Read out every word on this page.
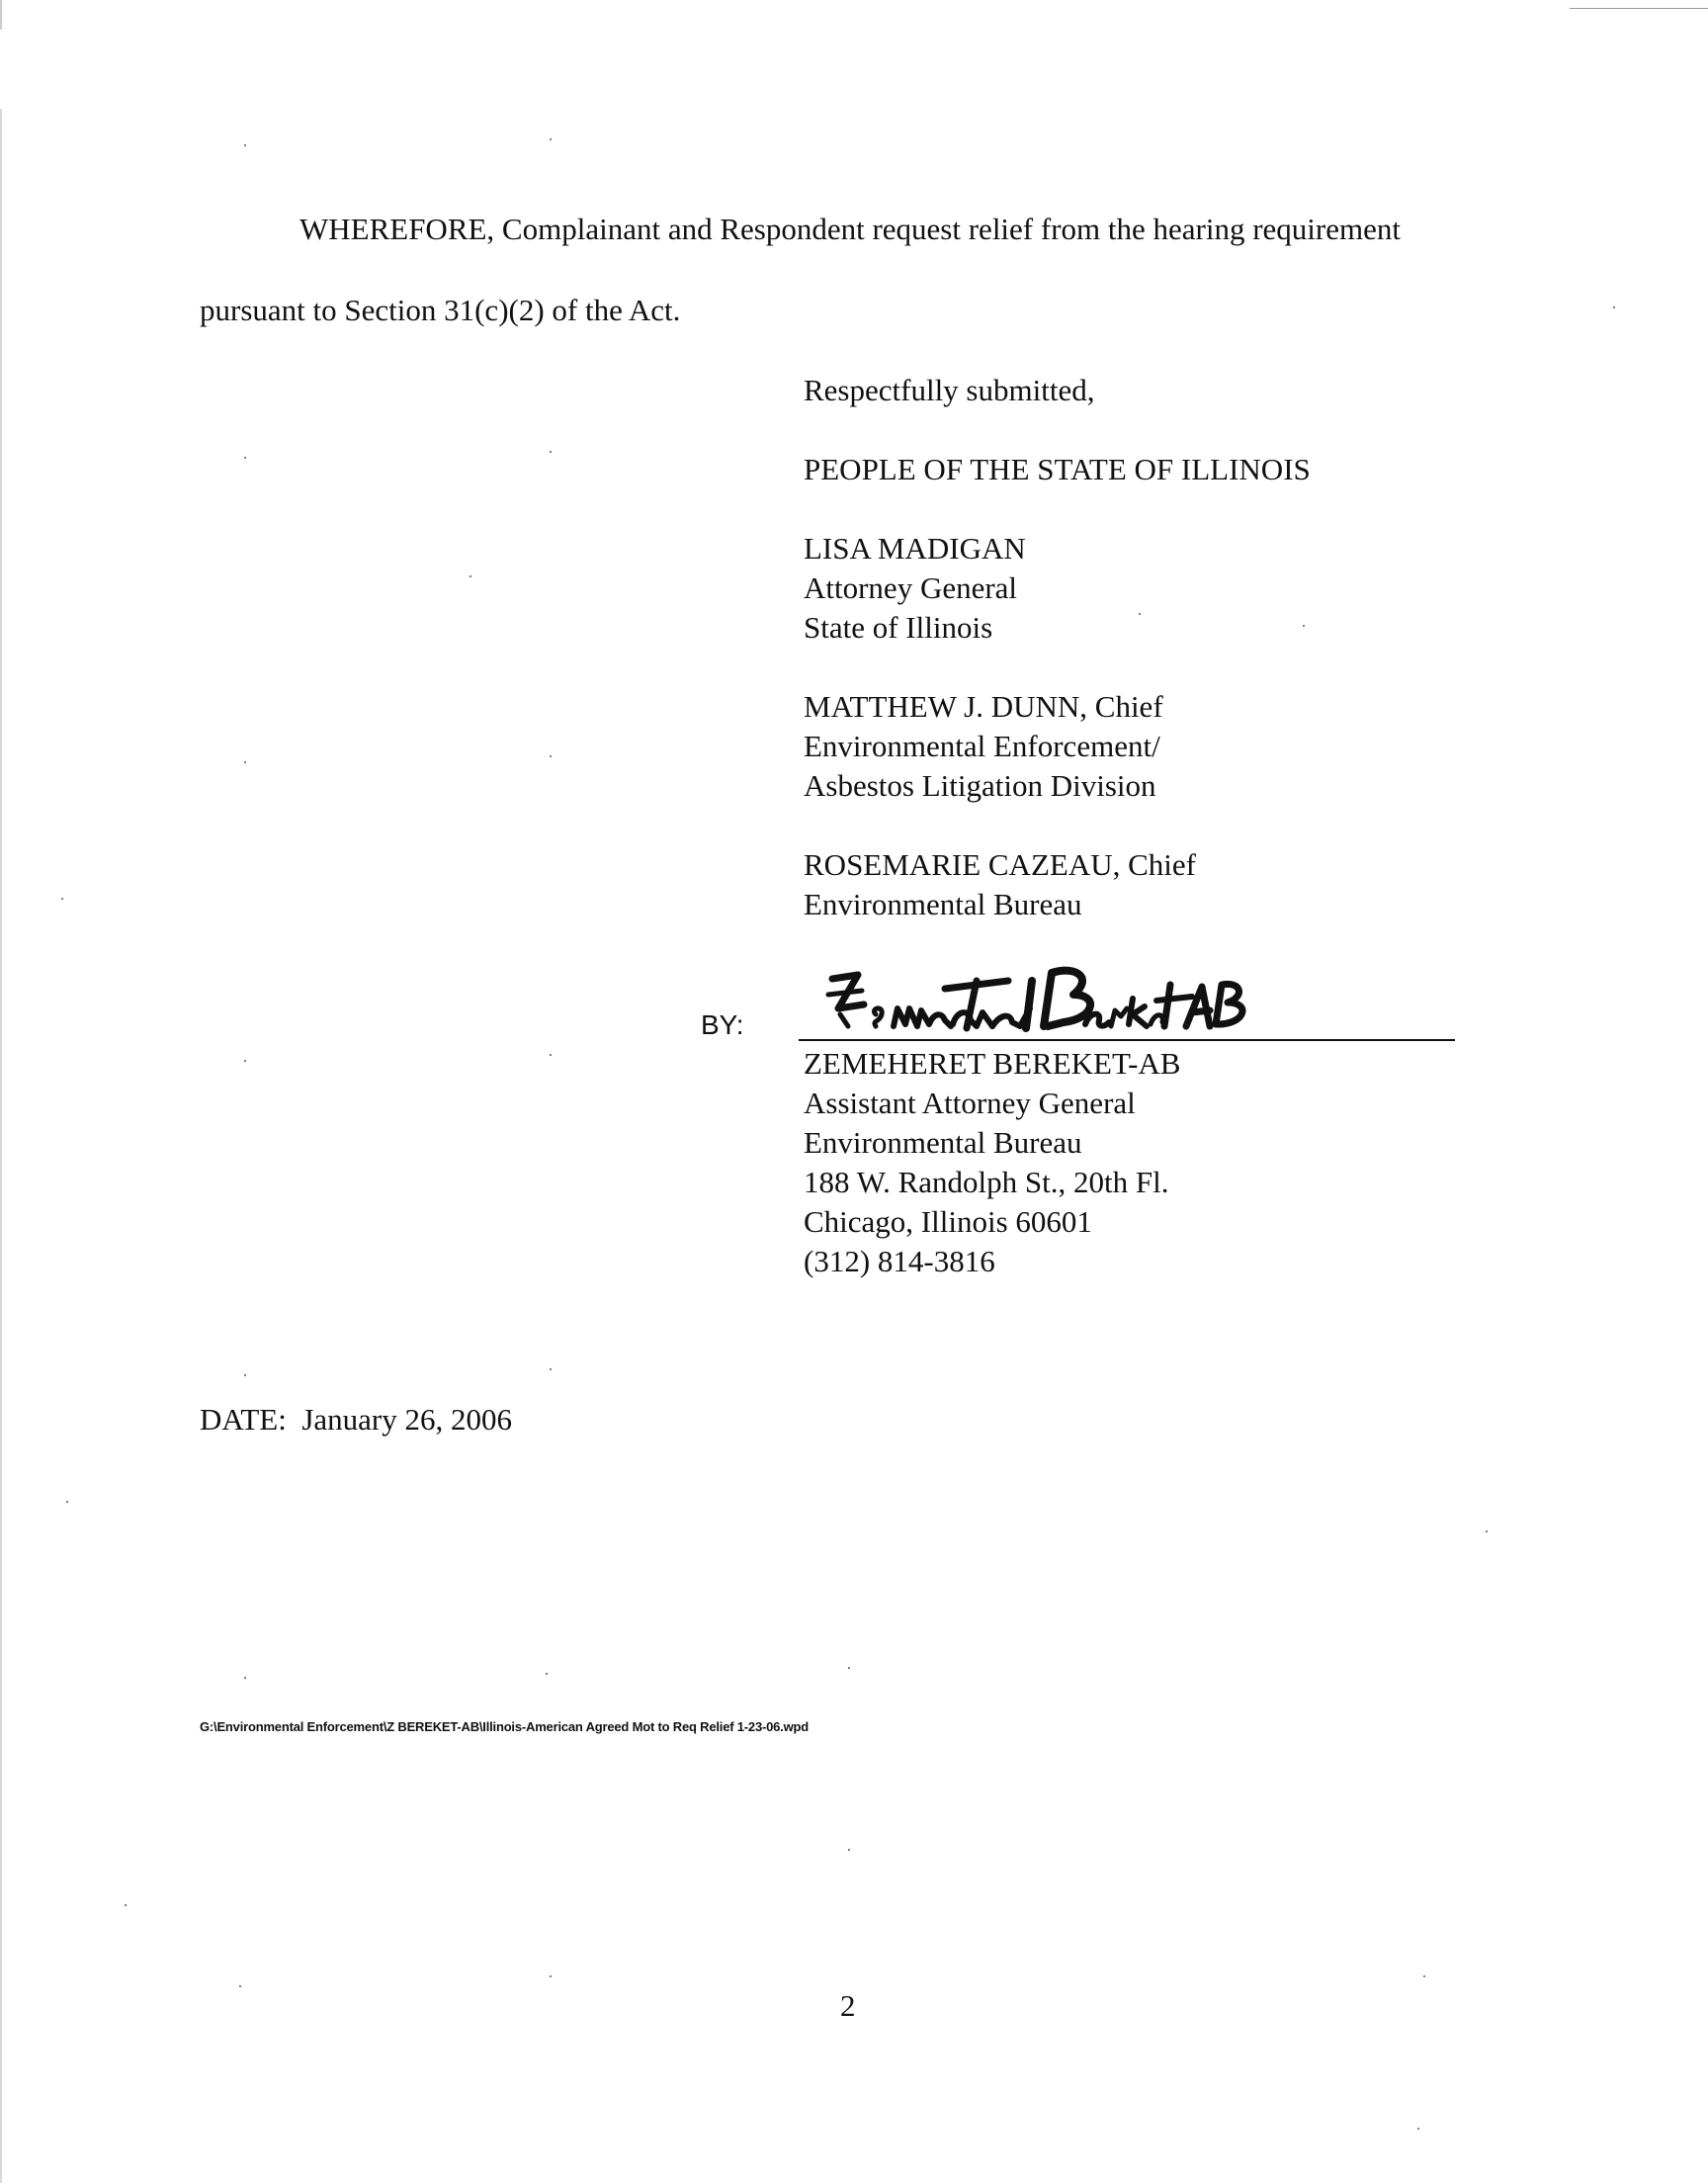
WHEREFORE, Complainant and Respondent request relief from the hearing requirement
pursuant to Section 31(c)(2) of the Act.
Respectfully submitted,
PEOPLE OF THE STATE OF ILLINOIS
LISA MADIGAN
Attorney General
State of Illinois
MATTHEW J. DUNN, Chief
Environmental Enforcement/
Asbestos Litigation Division
ROSEMARIE CAZEAU, Chief
Environmental Bureau
BY:
ZEMEHERET BEREKET-AB
Assistant Attorney General
Environmental Bureau
188 W. Randolph St., 20th Fl.
Chicago, Illinois 60601
(312) 814-3816
DATE: January 26, 2006
G:\Environmental Enforcement\Z BEREKET-AB\Illinois-American Agreed Mot to Req Relief 1-23-06.wpd
2
